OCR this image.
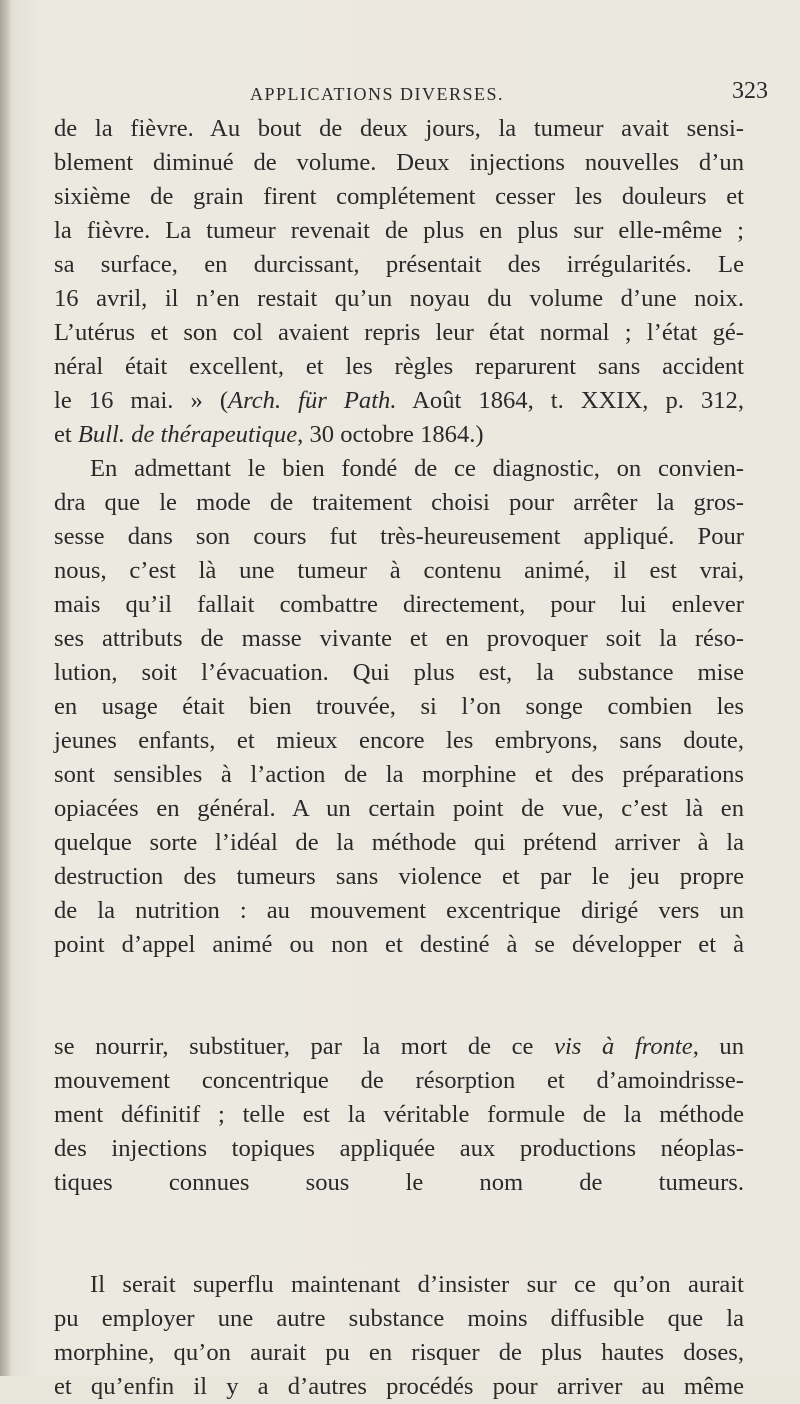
APPLICATIONS DIVERSES.	323
de la fièvre. Au bout de deux jours, la tumeur avait sensi-
blement diminué de volume. Deux injections nouvelles d’un
sixième de grain firent complétement cesser les douleurs et
la fièvre. La tumeur revenait de plus en plus sur elle-même ;
sa surface, en durcissant, présentait des irrégularités. Le
16 avril, il n’en restait qu’un noyau du volume d’une noix.
L’utérus et son col avaient repris leur état normal ; l’état gé-
néral était excellent, et les règles reparurent sans accident
le 16 mai. » (Arch. für Path. Août 1864, t. XXIX, p. 312,
et Bull. de thérapeutique, 30 octobre 1864.)
En admettant le bien fondé de ce diagnostic, on convien-
dra que le mode de traitement choisi pour arrêter la gros-
sesse dans son cours fut très-heureusement appliqué. Pour
nous, c’est là une tumeur à contenu animé, il est vrai,
mais qu’il fallait combattre directement, pour lui enlever
ses attributs de masse vivante et en provoquer soit la réso-
lution, soit l’évacuation. Qui plus est, la substance mise
en usage était bien trouvée, si l’on songe combien les
jeunes enfants, et mieux encore les embryons, sans doute,
sont sensibles à l’action de la morphine et des préparations
opiacées en général. A un certain point de vue, c’est là en
quelque sorte l’idéal de la méthode qui prétend arriver à la
destruction des tumeurs sans violence et par le jeu propre
de la nutrition : au mouvement excentrique dirigé vers un
point d’appel animé ou non et destiné à se développer et à
se nourrir, substituer, par la mort de ce vis à fronte, un
mouvement concentrique de résorption et d’amoindrisse-
ment définitif ; telle est la véritable formule de la méthode
des injections topiques appliquée aux productions néoplas-
tiques connues sous le nom de tumeurs.
Il serait superflu maintenant d’insister sur ce qu’on aurait
pu employer une autre substance moins diffusible que la
morphine, qu’on aurait pu en risquer de plus hautes doses,
et qu’enfin il y a d’autres procédés pour arriver au même
